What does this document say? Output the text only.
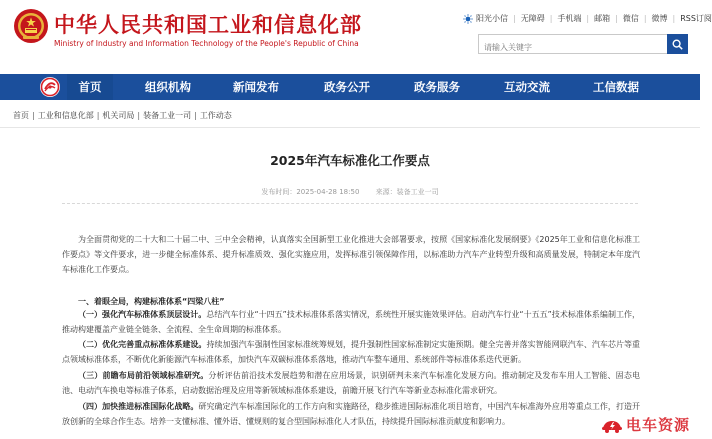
中华人民共和国工业和信息化部
Ministry of Industry and Information Technology of the People's Republic of China
阳光小信 | 无障碍 | 手机端 | 邮箱 | 微信 | 微博 | RSS订阅
请输入关键字
首页	组织机构	新闻发布	政务公开	政务服务	互动交流	工信数据
首页 | 工业和信息化部 | 机关司局 | 装备工业一司 | 工作动态
2025年汽车标准化工作要点
发布时间：2025-04-28 18:50 来源：装备工业一司

为全面贯彻党的二十大和二十届二中、三中全会精神，认真落实全国新型工业化推进大会部署要求，按照《国家标准化发展纲要》《2025年工业和信息化标准工作要点》等文件要求，进一步健全标准体系、提升标准质效、强化实施应用，发挥标准引领保障作用，以标准助力汽车产业转型升级和高质量发展，特制定本年度汽车标准化工作要点。

一、着眼全局，构建标准体系“四梁八柱”

（一）强化汽车标准体系顶层设计。总结汽车行业“十四五”技术标准体系落实情况，系统性开展实施效果评估。启动汽车行业“十五五”技术标准体系编制工作，推动构建覆盖产业链全链条、全流程、全生命周期的标准体系。

（二）优化完善重点标准体系建设。持续加强汽车强制性国家标准统筹规划，提升强制性国家标准制定实施预期。健全完善并落实智能网联汽车、汽车芯片等重点领域标准体系，不断优化新能源汽车标准体系，加快汽车双碳标准体系落地，推动汽车整车通用、系统部件等标准体系迭代更新。

（三）前瞻布局前沿领域标准研究。分析评估前沿技术发展趋势和潜在应用场景，识别研判未来汽车标准化发展方向。推动制定及发布车用人工智能、固态电池、电动汽车换电等标准子体系，启动数据治理及应用等新领域标准体系建设，前瞻开展飞行汽车等新业态标准化需求研究。

（四）加快推进标准国际化战略。研究确定汽车标准国际化的工作方向和实施路径，稳步推进国际标准化项目培育，中国汽车标准海外应用等重点工作，打造开放创新的全球合作生态。培养一支懂标准、懂外语、懂规则的复合型国际标准化人才队伍，持续提升国际标准贡献度和影响力。	电车资源
